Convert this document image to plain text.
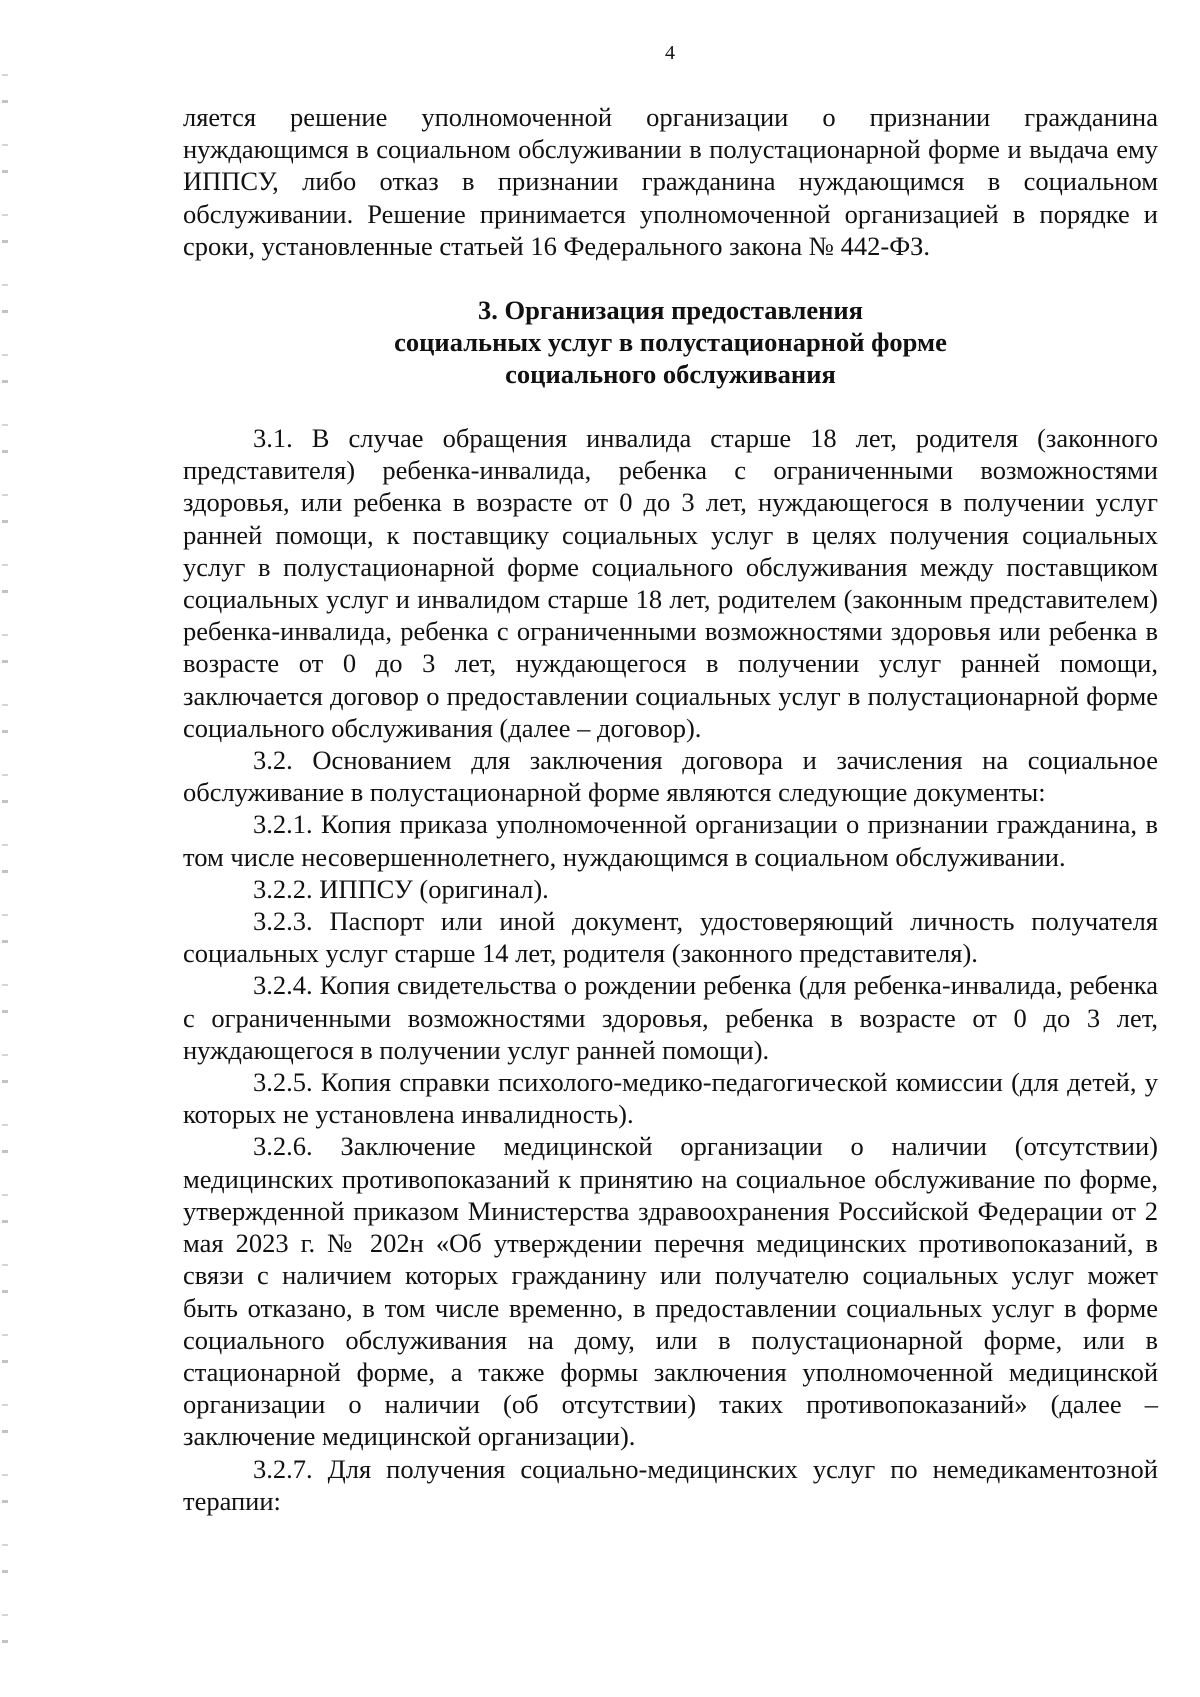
4

ляется решение уполномоченной организации о признании гражданина нуждающимся в социальном обслуживании в полустационарной форме и выдача ему ИППСУ, либо отказ в признании гражданина нуждающимся в социальном обслуживании. Решение принимается уполномоченной организацией в порядке и сроки, установленные статьей 16 Федерального закона № 442-ФЗ.

3. Организация предоставления
социальных услуг в полустационарной форме
социального обслуживания

3.1. В случае обращения инвалида старше 18 лет, родителя (законного представителя) ребенка-инвалида, ребенка с ограниченными возможностями здоровья, или ребенка в возрасте от 0 до 3 лет, нуждающегося в получении услуг ранней помощи, к поставщику социальных услуг в целях получения социальных услуг в полустационарной форме социального обслуживания между поставщиком социальных услуг и инвалидом старше 18 лет, родителем (законным представителем) ребенка-инвалида, ребенка с ограниченными возможностями здоровья или ребенка в возрасте от 0 до 3 лет, нуждающегося в получении услуг ранней помощи, заключается договор о предоставлении социальных услуг в полустационарной форме социального обслуживания (далее – договор).

3.2. Основанием для заключения договора и зачисления на социальное обслуживание в полустационарной форме являются следующие документы:

3.2.1. Копия приказа уполномоченной организации о признании гражданина, в том числе несовершеннолетнего, нуждающимся в социальном обслуживании.

3.2.2. ИППСУ (оригинал).

3.2.3. Паспорт или иной документ, удостоверяющий личность получателя социальных услуг старше 14 лет, родителя (законного представителя).

3.2.4. Копия свидетельства о рождении ребенка (для ребенка-инвалида, ребенка с ограниченными возможностями здоровья, ребенка в возрасте от 0 до 3 лет, нуждающегося в получении услуг ранней помощи).

3.2.5. Копия справки психолого-медико-педагогической комиссии (для детей, у которых не установлена инвалидность).

3.2.6. Заключение медицинской организации о наличии (отсутствии) медицинских противопоказаний к принятию на социальное обслуживание по форме, утвержденной приказом Министерства здравоохранения Российской Федерации от 2 мая 2023 г. № 202н «Об утверждении перечня медицинских противопоказаний, в связи с наличием которых гражданину или получателю социальных услуг может быть отказано, в том числе временно, в предоставлении социальных услуг в форме социального обслуживания на дому, или в полустационарной форме, или в стационарной форме, а также формы заключения уполномоченной медицинской организации о наличии (об отсутствии) таких противопоказаний» (далее – заключение медицинской организации).

3.2.7. Для получения социально-медицинских услуг по немедикаментозной терапии:
